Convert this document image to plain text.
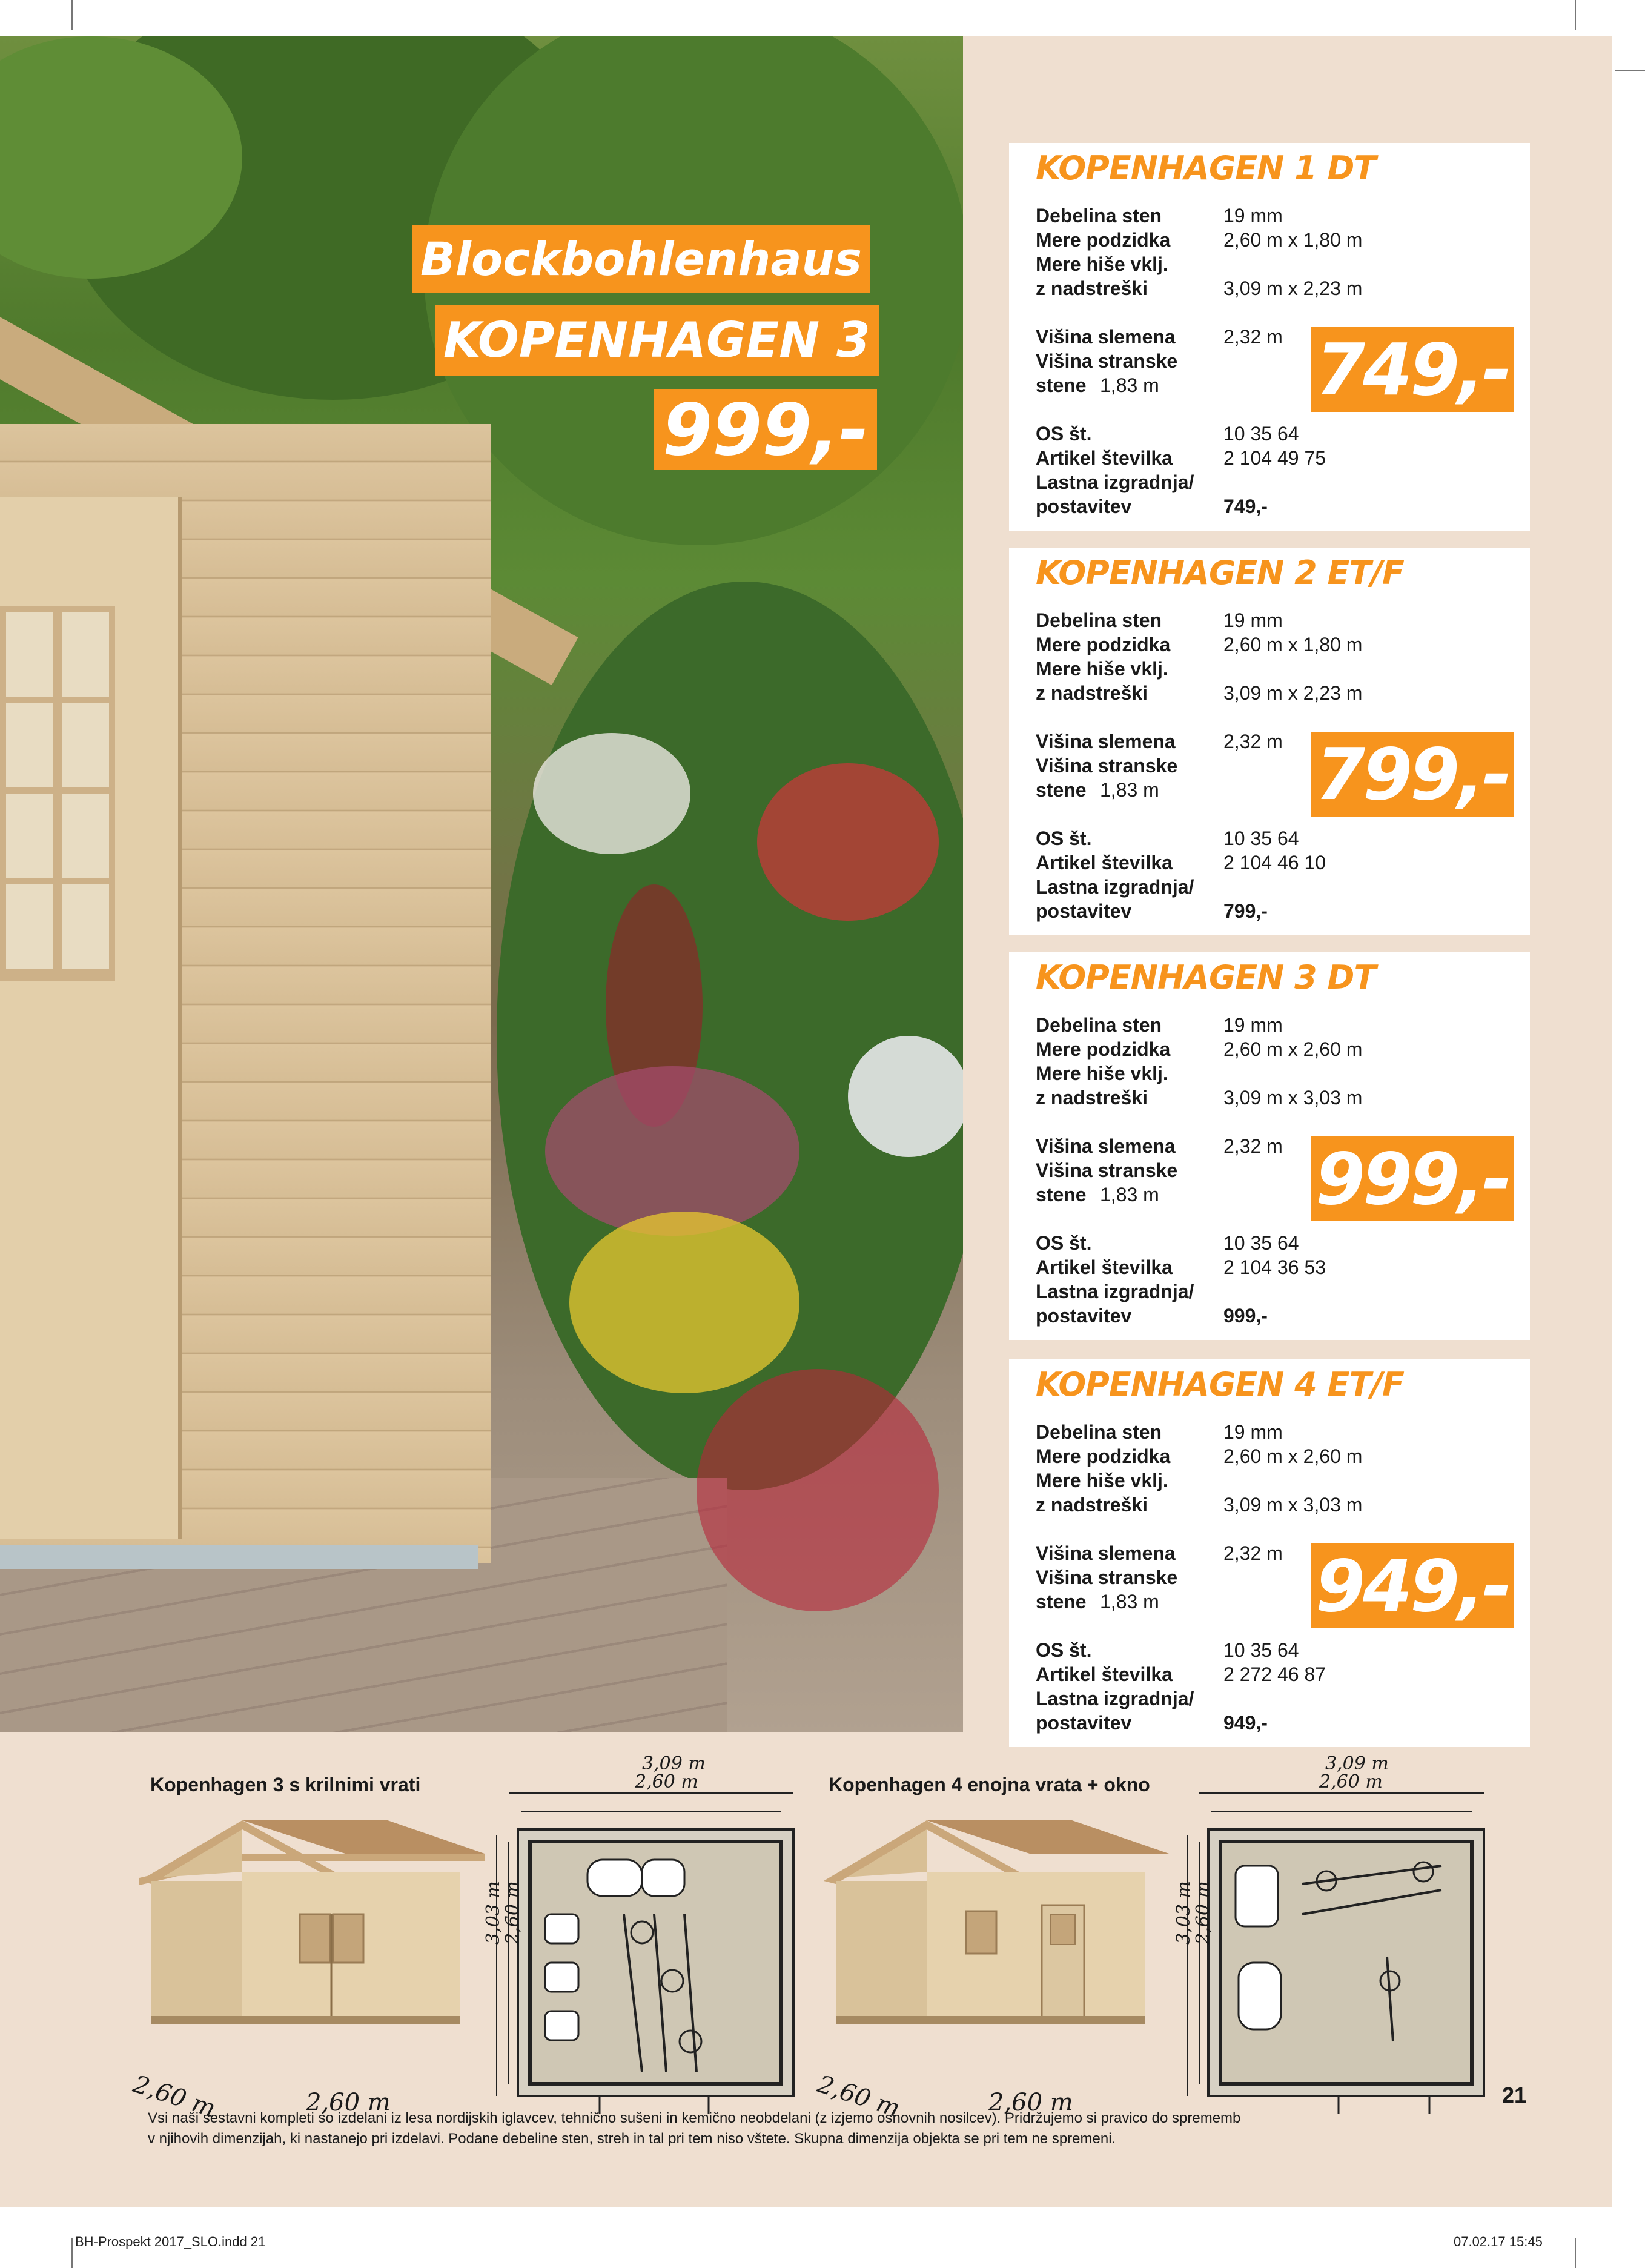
Blockbohlenhaus
KOPENHAGEN 3
999,-
KOPENHAGEN 1 DT
Debelina sten	19 mm
Mere podzidka	2,60 m x 1,80 m
Mere hiše vklj.
z nadstreški	3,09 m x 2,23 m
Višina slemena 2,32 m
Višina stranske
stene 1,83 m
OS št.	10 35 64
Artikel številka	2 104 49 75
Lastna izgradnja/
postavitev	749,-
749,-
KOPENHAGEN 2 ET/F
Debelina sten	19 mm
Mere podzidka	2,60 m x 1,80 m
Mere hiše vklj.
z nadstreški	3,09 m x 2,23 m
Višina slemena 2,32 m
Višina stranske
stene 1,83 m
OS št.	10 35 64
Artikel številka	2 104 46 10
Lastna izgradnja/
postavitev	799,-
799,-
KOPENHAGEN 3 DT
Debelina sten	19 mm
Mere podzidka	2,60 m x 2,60 m
Mere hiše vklj.
z nadstreški	3,09 m x 3,03 m
Višina slemena 2,32 m
Višina stranske
stene 1,83 m
OS št.	10 35 64
Artikel številka	2 104 36 53
Lastna izgradnja/
postavitev	999,-
999,-
KOPENHAGEN 4 ET/F
Debelina sten	19 mm
Mere podzidka	2,60 m x 2,60 m
Mere hiše vklj.
z nadstreški	3,09 m x 3,03 m
Višina slemena 2,32 m
Višina stranske
stene 1,83 m
OS št.	10 35 64
Artikel številka	2 272 46 87
Lastna izgradnja/
postavitev	949,-
949,-
Kopenhagen 3 s krilnimi vrati
2,60 m	2,60 m
3,09 m
2,60 m
3,03 m
2,60 m
Kopenhagen 4 enojna vrata + okno
2,60 m	2,60 m
3,09 m
2,60 m
3,03 m
2,60 m
Vsi naši sestavni kompleti so izdelani iz lesa nordijskih iglavcev, tehnično sušeni in kemično neobdelani (z izjemo osnovnih nosilcev). Pridržujemo si pravico do sprememb
v njihovih dimenzijah, ki nastanejo pri izdelavi. Podane debeline sten, streh in tal pri tem niso vštete. Skupna dimenzija objekta se pri tem ne spremeni.
21
BH-Prospekt 2017_SLO.indd 21	07.02.17 15:45
